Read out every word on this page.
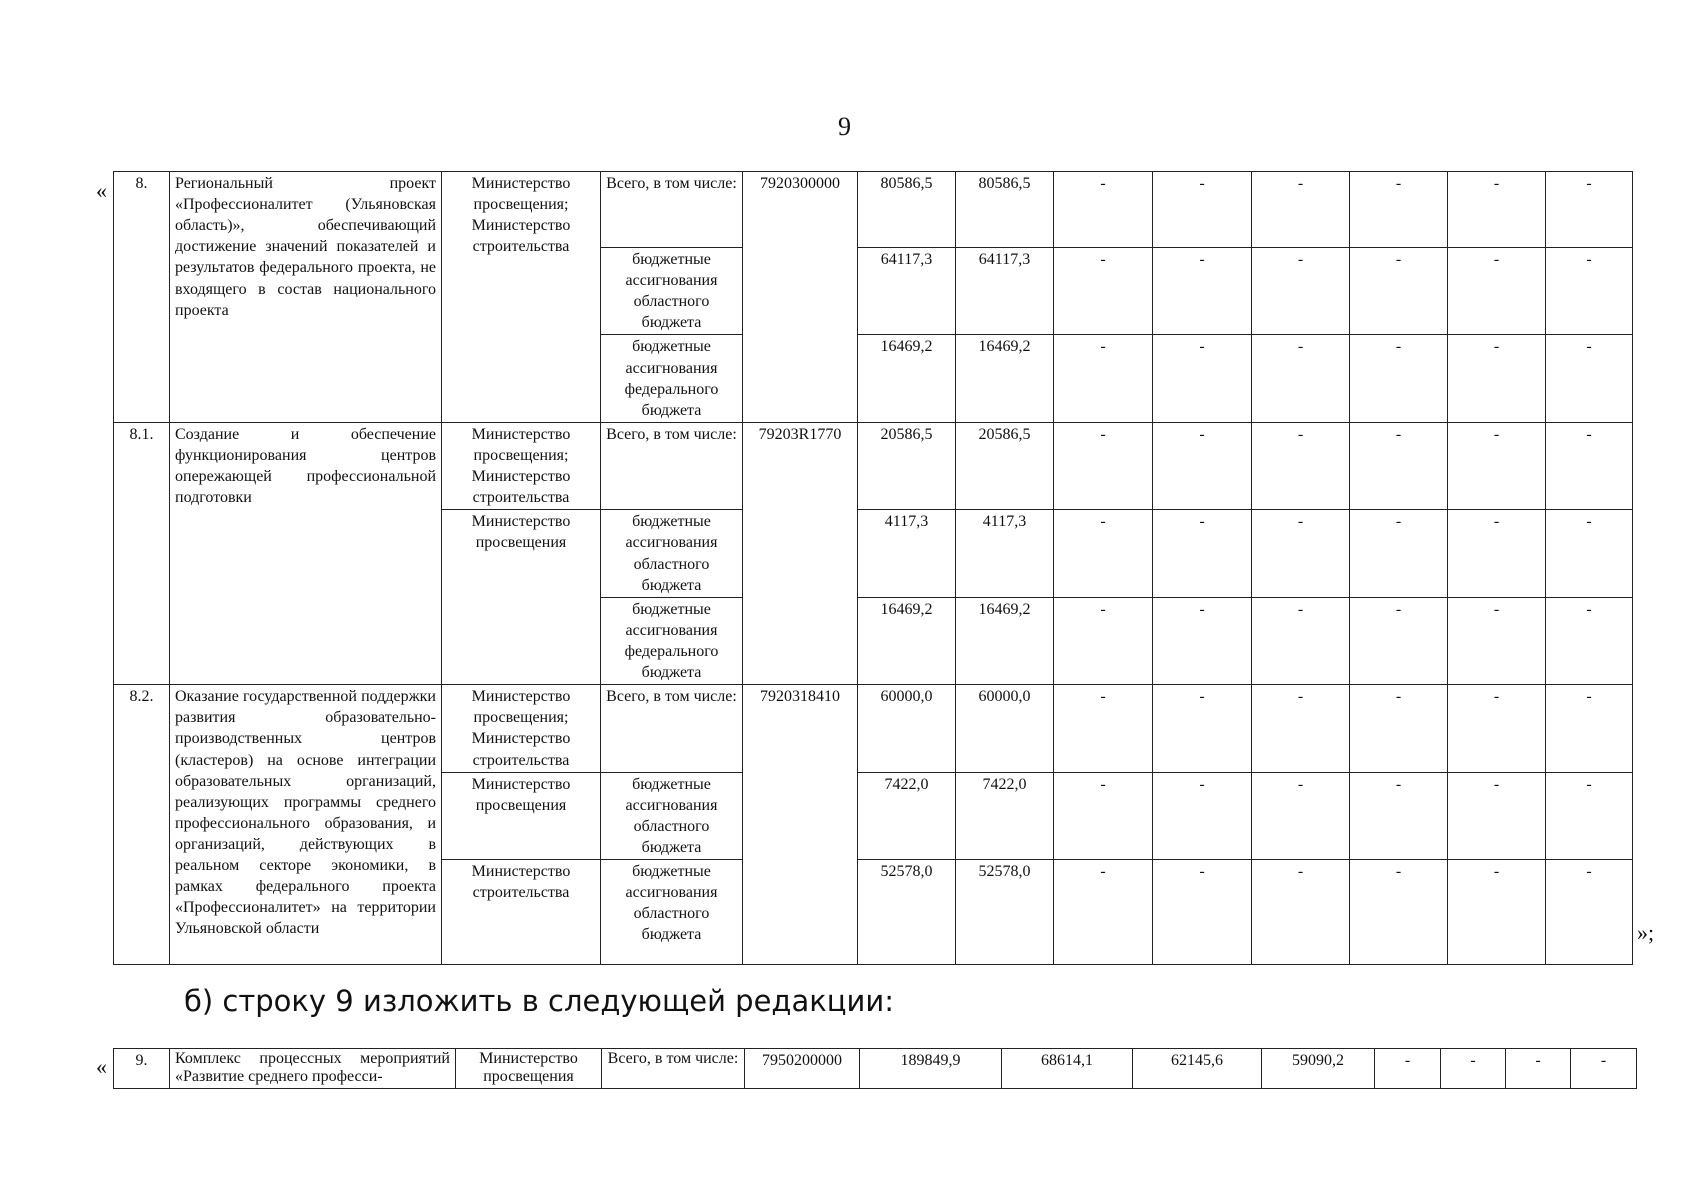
9
« 8.	Региональный проект «Профессионалитет (Ульяновская область)», обеспечивающий достижение значений показателей и результатов федерального проекта, не входящего в состав национального проекта	Министерство просвещения; Министерство строительства	Всего, в том числе:	7920300000	80586,5	80586,5	-	-	-	-	-	-
			бюджетные ассигнования областного бюджета		64117,3	64117,3	-	-	-	-	-	-
			бюджетные ассигнования федерального бюджета		16469,2	16469,2	-	-	-	-	-	-
8.1.	Создание и обеспечение функционирования центров опережающей профессиональной подготовки	Министерство просвещения; Министерство строительства	Всего, в том числе:	79203R1770	20586,5	20586,5	-	-	-	-	-	-
		Министерство просвещения	бюджетные ассигнования областного бюджета		4117,3	4117,3	-	-	-	-	-	-
			бюджетные ассигнования федерального бюджета		16469,2	16469,2	-	-	-	-	-	-
8.2.	Оказание государственной поддержки развития образовательно-производственных центров (кластеров) на основе интеграции образовательных организаций, реализующих программы среднего профессионального образования, и организаций, действующих в реальном секторе экономики, в рамках федерального проекта «Профессионалитет» на территории Ульяновской области	Министерство просвещения; Министерство строительства	Всего, в том числе:	7920318410	60000,0	60000,0	-	-	-	-	-	-
		Министерство просвещения	бюджетные ассигнования областного бюджета		7422,0	7422,0	-	-	-	-	-	-
		Министерство строительства	бюджетные ассигнования областного бюджета		52578,0	52578,0	-	-	-	-	-	-
»;
б) строку 9 изложить в следующей редакции:
« 9.	Комплекс процессных мероприятий «Развитие среднего професси-	Министерство просвещения	Всего, в том числе:	7950200000	189849,9	68614,1	62145,6	59090,2	-	-	-	-
